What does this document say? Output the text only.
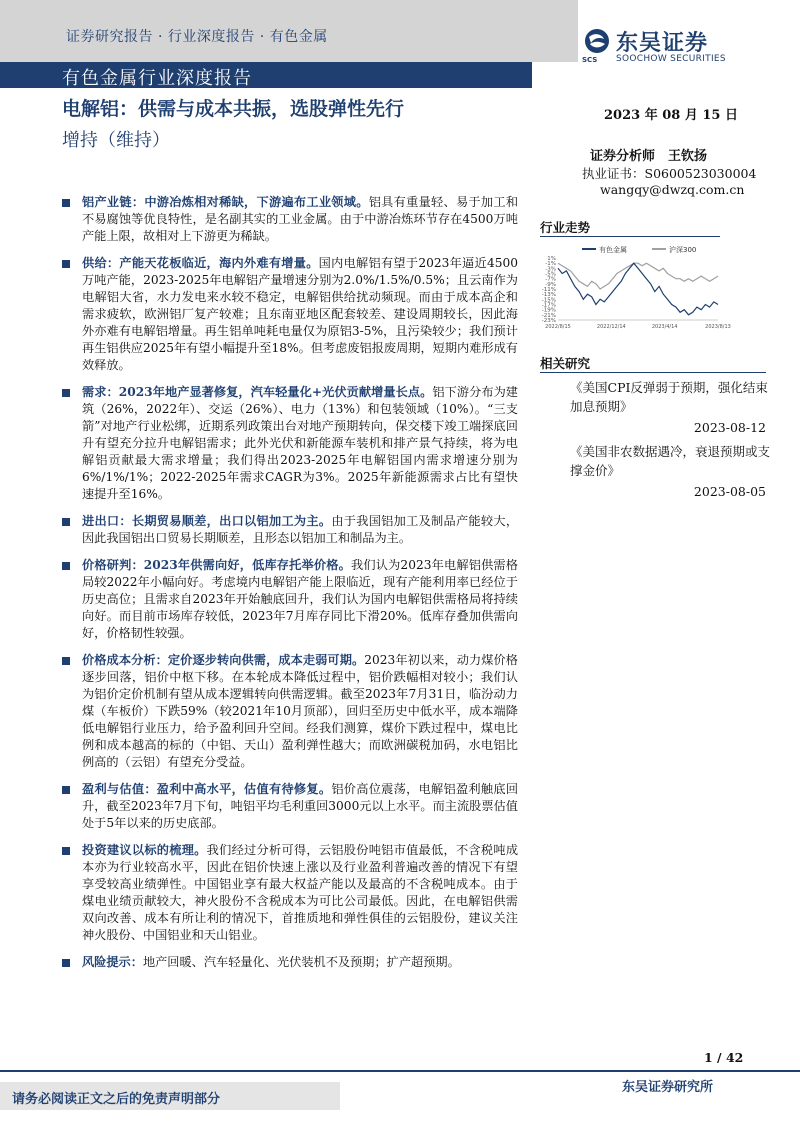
证券研究报告 · 行业深度报告 · 有色金属
有色金属行业深度报告
东吴证券
SCS SOOCHOW SECURITIES
电解铝：供需与成本共振，选股弹性先行	2023 年 08 月 15 日
增持（维持）
证券分析师　王钦扬
执业证书：S0600523030004
wangqy@dwzq.com.cn
铝产业链：中游冶炼相对稀缺，下游遍布工业领域。铝具有重量轻、易于加工和不易腐蚀等优良特性，是名副其实的工业金属。由于中游冶炼环节存在4500万吨产能上限，故相对上下游更为稀缺。
供给：产能天花板临近，海内外难有增量。国内电解铝有望于2023年逼近4500万吨产能，2023-2025年电解铝产量增速分别为2.0%/1.5%/0.5%；且云南作为电解铝大省，水力发电来水较不稳定，电解铝供给扰动频现。而由于成本高企和需求疲软，欧洲铝厂复产较难；且东南亚地区配套较差、建设周期较长，因此海外亦难有电解铝增量。再生铝单吨耗电量仅为原铝3-5%，且污染较少；我们预计再生铝供应2025年有望小幅提升至18%。但考虑废铝报废周期，短期内难形成有效释放。
需求：2023年地产显著修复，汽车轻量化+光伏贡献增量长点。铝下游分布为建筑（26%，2022年）、交运（26%）、电力（13%）和包装领域（10%）。“三支箭”对地产行业松绑，近期系列政策出台对地产预期转向，保交楼下竣工端探底回升有望充分拉升电解铝需求；此外光伏和新能源车装机和排产景气持续，将为电解铝贡献最大需求增量；我们得出2023-2025年电解铝国内需求增速分别为6%/1%/1%；2022-2025年需求CAGR为3%。2025年新能源需求占比有望快速提升至16%。
进出口：长期贸易顺差，出口以铝加工为主。由于我国铝加工及制品产能较大，因此我国铝出口贸易长期顺差，且形态以铝加工和制品为主。
价格研判：2023年供需向好，低库存托举价格。我们认为2023年电解铝供需格局较2022年小幅向好。考虑境内电解铝产能上限临近，现有产能利用率已经位于历史高位；且需求自2023年开始触底回升，我们认为国内电解铝供需格局将持续向好。而目前市场库存较低，2023年7月库存同比下滑20%。低库存叠加供需向好，价格韧性较强。
价格成本分析：定价逐步转向供需，成本走弱可期。2023年初以来，动力煤价格逐步回落，铝价中枢下移。在本轮成本降低过程中，铝价跌幅相对较小；我们认为铝价定价机制有望从成本逻辑转向供需逻辑。截至2023年7月31日，临汾动力煤（车板价）下跌59%（较2021年10月顶部），回归至历史中低水平，成本端降低电解铝行业压力，给予盈利回升空间。经我们测算，煤价下跌过程中，煤电比例和成本越高的标的（中铝、天山）盈利弹性越大；而欧洲碳税加码，水电铝比例高的（云铝）有望充分受益。
盈利与估值：盈利中高水平，估值有待修复。铝价高位震荡，电解铝盈利触底回升，截至2023年7月下旬，吨铝平均毛利重回3000元以上水平。而主流股票估值处于5年以来的历史底部。
投资建议以标的梳理。我们经过分析可得，云铝股份吨铝市值最低，不含税吨成本亦为行业较高水平，因此在铝价快速上涨以及行业盈利普遍改善的情况下有望享受较高业绩弹性。中国铝业享有最大权益产能以及最高的不含税吨成本。由于煤电业绩贡献较大，神火股份不含税成本为可比公司最低。因此，在电解铝供需双向改善、成本有所让利的情况下，首推质地和弹性俱佳的云铝股份，建议关注神火股份、中国铝业和天山铝业。
风险提示：地产回暖、汽车轻量化、光伏装机不及预期；扩产超预期。
行业走势
有色金属	沪深300
1%
-1%
-3%
-5%
-7%
-9%
-11%
-13%
-15%
-17%
-19%
-21%
-23%
2022/8/15	2022/12/14	2023/4/14	2023/8/13
相关研究
《美国CPI反弹弱于预期，强化结束加息预期》
2023-08-12
《美国非农数据遇冷，衰退预期或支撑金价》
2023-08-05
1 / 42
请务必阅读正文之后的免责声明部分
东吴证券研究所
